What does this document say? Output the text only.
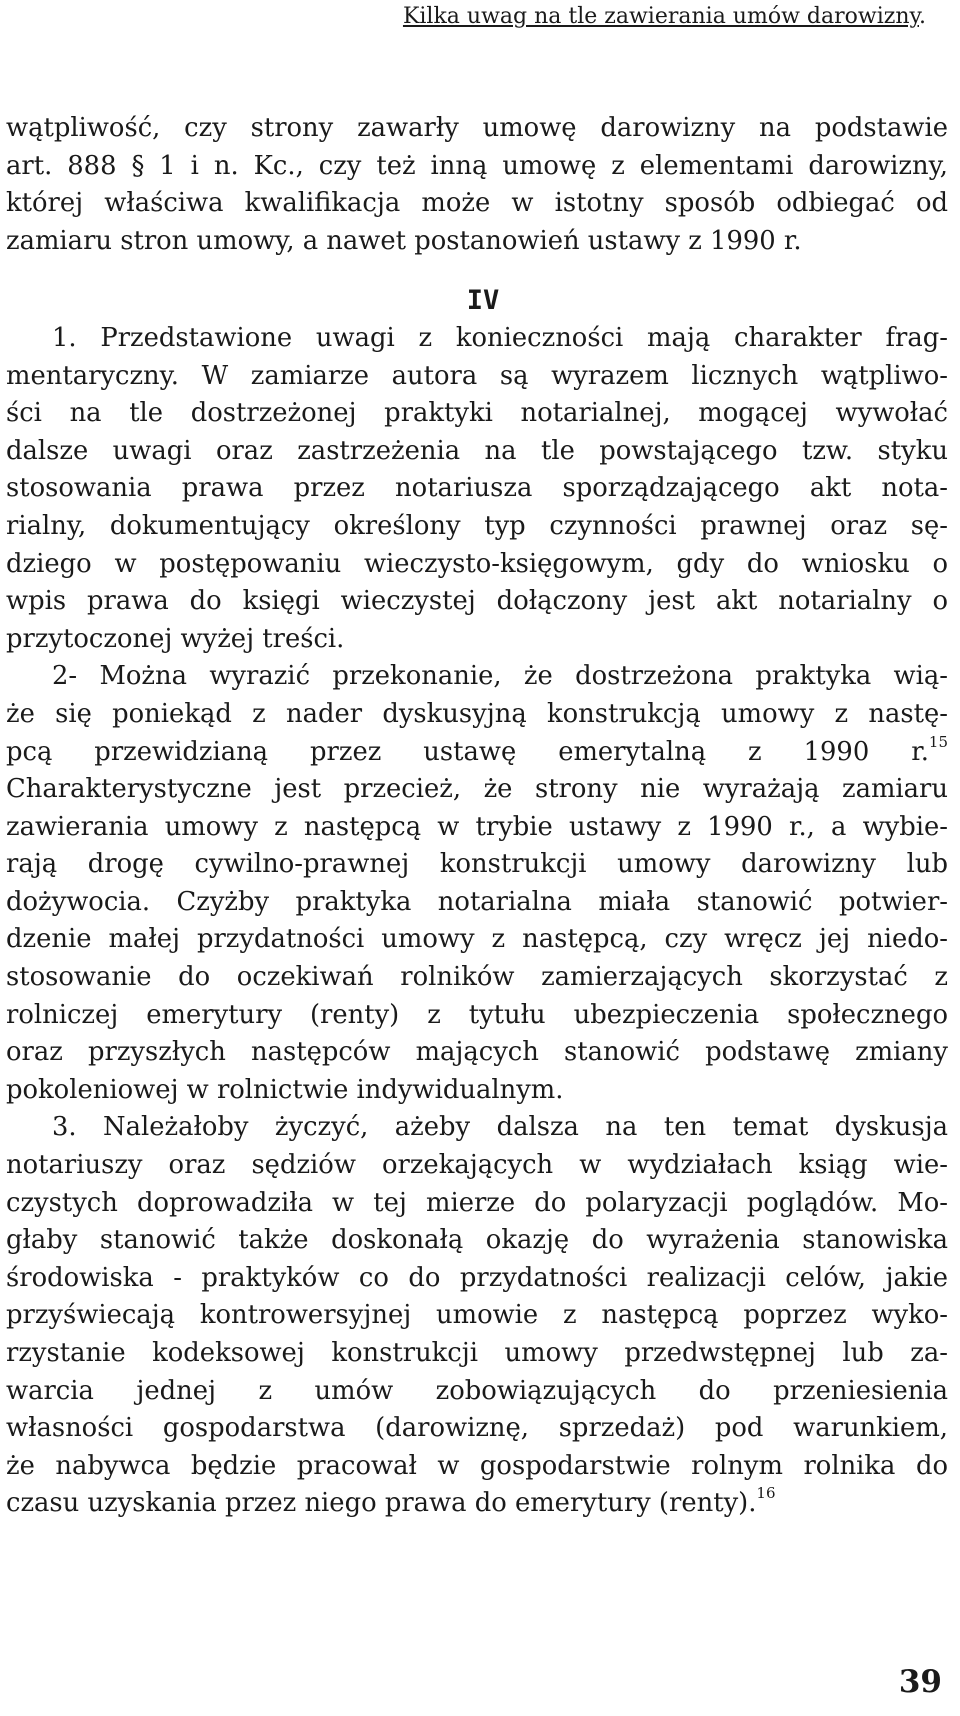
Kilka uwag na tle zawierania umów darowizny.
wątpliwość, czy strony zawarły umowę darowizny na podstawie
art. 888 § 1 i n. Kc., czy też inną umowę z elementami darowizny,
której właściwa kwalifikacja może w istotny sposób odbiegać od
zamiaru stron umowy, a nawet postanowień ustawy z 1990 r.
IV
1. Przedstawione uwagi z konieczności mają charakter frag-
mentaryczny. W zamiarze autora są wyrazem licznych wątpliwo-
ści na tle dostrzeżonej praktyki notarialnej, mogącej wywołać
dalsze uwagi oraz zastrzeżenia na tle powstającego tzw. styku
stosowania prawa przez notariusza sporządzającego akt nota-
rialny, dokumentujący określony typ czynności prawnej oraz sę-
dziego w postępowaniu wieczysto-księgowym, gdy do wniosku o
wpis prawa do księgi wieczystej dołączony jest akt notarialny o
przytoczonej wyżej treści.
2- Można wyrazić przekonanie, że dostrzeżona praktyka wią-
że się poniekąd z nader dyskusyjną konstrukcją umowy z nastę-
pcą przewidzianą przez ustawę emerytalną z 1990 r.$^{15}$
Charakterystyczne jest przecież, że strony nie wyrażają zamiaru
zawierania umowy z następcą w trybie ustawy z 1990 r., a wybie-
rają drogę cywilno-prawnej konstrukcji umowy darowizny lub
dożywocia. Czyżby praktyka notarialna miała stanowić potwier-
dzenie małej przydatności umowy z następcą, czy wręcz jej niedo-
stosowanie do oczekiwań rolników zamierzających skorzystać z
rolniczej emerytury (renty) z tytułu ubezpieczenia społecznego
oraz przyszłych następców mających stanowić podstawę zmiany
pokoleniowej w rolnictwie indywidualnym.
3. Należałoby życzyć, ażeby dalsza na ten temat dyskusja
notariuszy oraz sędziów orzekających w wydziałach ksiąg wie-
czystych doprowadziła w tej mierze do polaryzacji poglądów. Mo-
głaby stanowić także doskonałą okazję do wyrażenia stanowiska
środowiska - praktyków co do przydatności realizacji celów, jakie
przyświecają kontrowersyjnej umowie z następcą poprzez wyko-
rzystanie kodeksowej konstrukcji umowy przedwstępnej lub za-
warcia jednej z umów zobowiązujących do przeniesienia
własności gospodarstwa (darowiznę, sprzedaż) pod warunkiem,
że nabywca będzie pracował w gospodarstwie rolnym rolnika do
czasu uzyskania przez niego prawa do emerytury (renty).$^{16}$
39
